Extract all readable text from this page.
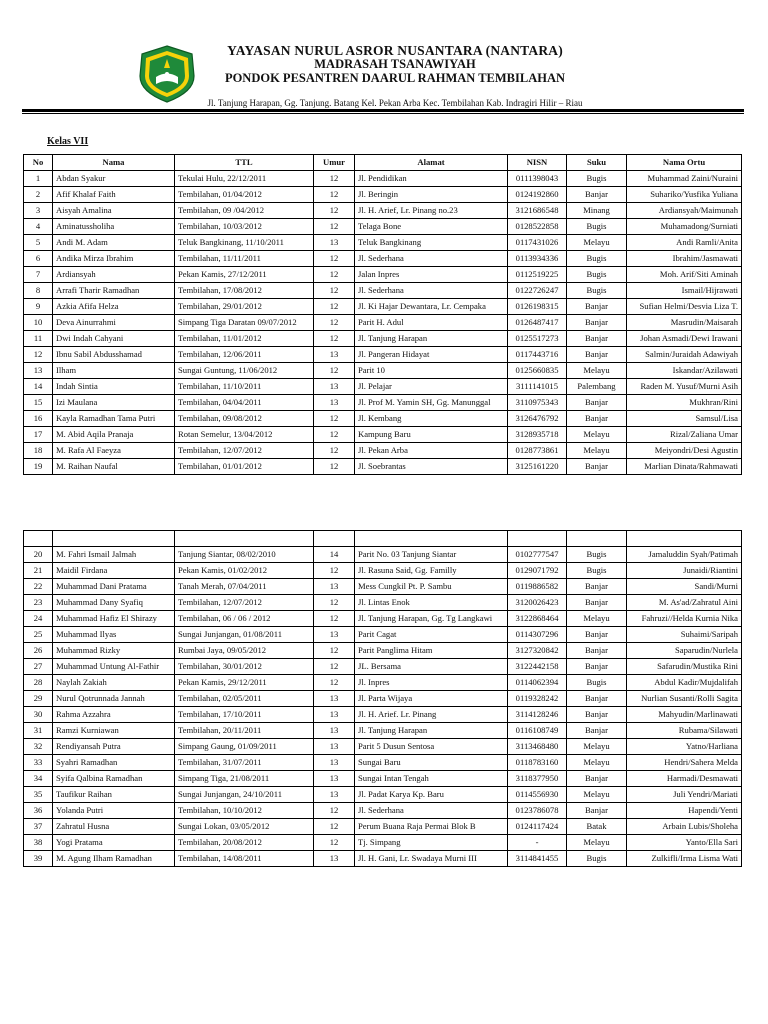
YAYASAN NURUL ASROR NUSANTARA (NANTARA)
MADRASAH TSANAWIYAH
PONDOK PESANTREN DAARUL RAHMAN TEMBILAHAN
Jl. Tanjung Harapan, Gg. Tanjung. Batang Kel. Pekan Arba Kec. Tembilahan Kab. Indragiri Hilir – Riau
Kelas VII
No	Nama	TTL	Umur	Alamat	NISN	Suku	Nama Ortu
1	Abdan Syakur	Tekulai Hulu, 22/12/2011	12	Jl. Pendidikan	0111398043	Bugis	Muhammad Zaini/Nuraini
2	Afif Khalaf Faith	Tembilahan, 01/04/2012	12	Jl. Beringin	0124192860	Banjar	Suhariko/Yusfika Yuliana
3	Aisyah Amalina	Tembilahan, 09 /04/2012	12	Jl. H. Arief, Lr. Pinang no.23	3121686548	Minang	Ardiansyah/Maimunah
4	Aminatussholiha	Tembilahan, 10/03/2012	12	Telaga Bone	0128522858	Bugis	Muhamadong/Surniati
5	Andi M. Adam	Teluk Bangkinang, 11/10/2011	13	Teluk Bangkinang	0117431026	Melayu	Andi Ramli/Anita
6	Andika Mirza Ibrahim	Tembilahan, 11/11/2011	12	Jl. Sederhana	0113934336	Bugis	Ibrahim/Jasmawati
7	Ardiansyah	Pekan Kamis, 27/12/2011	12	Jalan Inpres	0112519225	Bugis	Moh. Arif/Siti Aminah
8	Arrafi Tharir Ramadhan	Tembilahan, 17/08/2012	12	Jl. Sederhana	0122726247	Bugis	Ismail/Hijrawati
9	Azkia Afifa Helza	Tembilahan, 29/01/2012	12	Jl. Ki Hajar Dewantara, Lr. Cempaka	0126198315	Banjar	Sufian Helmi/Desvia Liza T.
10	Deva Ainurrahmi	Simpang Tiga Daratan 09/07/2012	12	Parit H. Adul	0126487417	Banjar	Masrudin/Maisarah
11	Dwi Indah Cahyani	Tembilahan, 11/01/2012	12	Jl. Tanjung Harapan	0125517273	Banjar	Johan Asmadi/Dewi Irawani
12	Ibnu Sabil Abdusshamad	Tembilahan, 12/06/2011	13	Jl. Pangeran Hidayat	0117443716	Banjar	Salmin/Juraidah Adawiyah
13	Ilham	Sungai Guntung, 11/06/2012	12	Parit 10	0125660835	Melayu	Iskandar/Azilawati
14	Indah Sintia	Tembilahan, 11/10/2011	13	Jl. Pelajar	3111141015	Palembang	Raden M. Yusuf/Murni Asih
15	Izi Maulana	Tembilahan, 04/04/2011	13	Jl. Prof M. Yamin SH, Gg. Manunggal	3110975343	Banjar	Mukhran/Rini
16	Kayla Ramadhan Tama Putri	Tembilahan, 09/08/2012	12	Jl. Kembang	3126476792	Banjar	Samsul/Lisa
17	M. Abid Aqila Pranaja	Rotan Semelur, 13/04/2012	12	Kampung Baru	3128935718	Melayu	Rizal/Zaliana Umar
18	M. Rafa Al Faeyza	Tembilahan, 12/07/2012	12	Jl. Pekan Arba	0128773861	Melayu	Meiyondri/Desi Agustin
19	M. Raihan Naufal	Tembilahan, 01/01/2012	12	Jl. Soebrantas	3125161220	Banjar	Marlian Dinata/Rahmawati

20	M. Fahri Ismail Jalmah	Tanjung Siantar, 08/02/2010	14	Parit No. 03 Tanjung Siantar	0102777547	Bugis	Jamaluddin Syah/Patimah
21	Maidil Firdana	Pekan Kamis, 01/02/2012	12	Jl. Rasuna Said, Gg. Familly	0129071792	Bugis	Junaidi/Riantini
22	Muhammad Dani Pratama	Tanah Merah, 07/04/2011	13	Mess Cungkil Pt. P. Sambu	0119886582	Banjar	Sandi/Murni
23	Muhammad Dany Syafiq	Tembilahan, 12/07/2012	12	Jl. Lintas Enok	3120026423	Banjar	M. As'ad/Zahratul Aini
24	Muhammad Hafiz El Shirazy	Tembilahan, 06 / 06 / 2012	12	Jl. Tanjung Harapan, Gg. Tg Langkawi	3122868464	Melayu	Fahruzi//Helda Kurnia Nika
25	Muhammad Ilyas	Sungai Junjangan, 01/08/2011	13	Parit Cagat	0114307296	Banjar	Suhaimi/Saripah
26	Muhammad Rizky	Rumbai Jaya, 09/05/2012	12	Parit Panglima Hitam	3127320842	Banjar	Saparudin/Nurlela
27	Muhammad Untung Al-Fathir	Tembilahan, 30/01/2012	12	JL. Bersama	3122442158	Banjar	Safarudin/Mustika Rini
28	Naylah Zakiah	Pekan Kamis, 29/12/2011	12	Jl. Inpres	0114062394	Bugis	Abdul Kadir/Mujdalifah
29	Nurul Qotrunnada Jannah	Tembilahan, 02/05/2011	13	Jl. Parta Wijaya	0119328242	Banjar	Nurlian Susanti/Rolli Sagita
30	Rahma Azzahra	Tembilahan, 17/10/2011	13	Jl. H. Arief. Lr. Pinang	3114128246	Banjar	Mahyudin/Marlinawati
31	Ramzi Kurniawan	Tembilahan, 20/11/2011	13	Jl. Tanjung Harapan	0116108749	Banjar	Rubama/Silawati
32	Rendiyansah Putra	Simpang Gaung, 01/09/2011	13	Parit 5 Dusun Sentosa	3113468480	Melayu	Yatno/Harliana
33	Syahri Ramadhan	Tembilahan, 31/07/2011	13	Sungai Baru	0118783160	Melayu	Hendri/Sahera Melda
34	Syifa Qalbina Ramadhan	Simpang Tiga, 21/08/2011	13	Sungai Intan Tengah	3118377950	Banjar	Harmadi/Desmawati
35	Taufikur Raihan	Sungai Junjangan, 24/10/2011	13	Jl. Padat Karya Kp. Baru	0114556930	Melayu	Juli Yendri/Mariati
36	Yolanda Putri	Tembilahan, 10/10/2012	12	Jl. Sederhana	0123786078	Banjar	Hapendi/Yenti
37	Zahratul Husna	Sungai Lokan, 03/05/2012	12	Perum Buana Raja Permai Blok B	0124117424	Batak	Arbain Lubis/Sholeha
38	Yogi Pratama	Tembilahan, 20/08/2012	12	Tj. Simpang	-	Melayu	Yanto/Ella Sari
39	M. Agung Ilham Ramadhan	Tembilahan, 14/08/2011	13	Jl. H. Gani, Lr. Swadaya Murni III	3114841455	Bugis	Zulkifli/Irma Lisma Wati
